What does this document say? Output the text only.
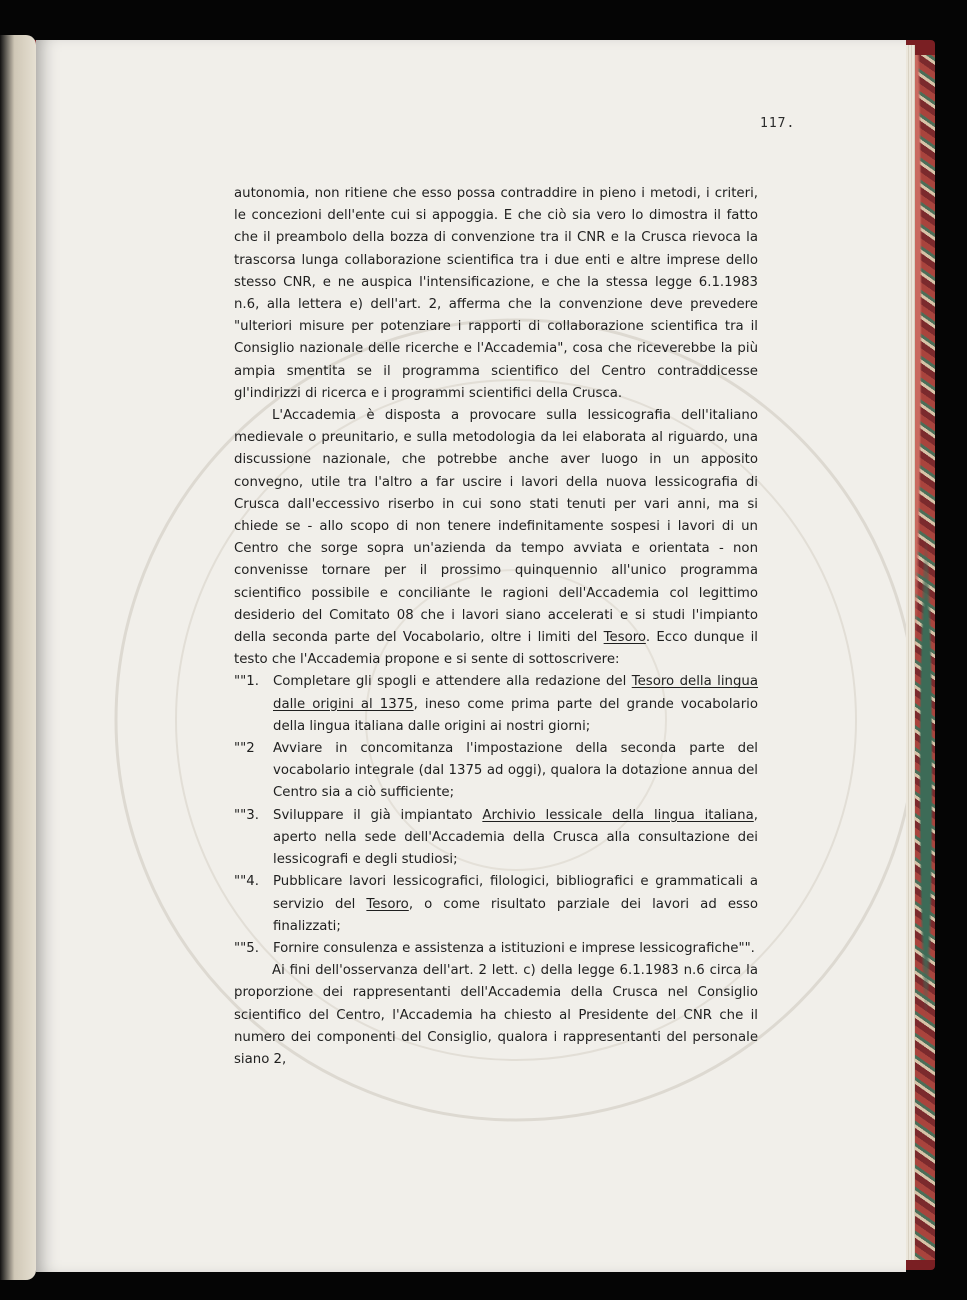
117.

autonomia, non ritiene che esso possa contraddire in pieno i metodi, i criteri, le concezioni dell'ente cui si appoggia. E che ciò sia vero lo dimostra il fatto che il preambolo della bozza di convenzione tra il CNR e la Crusca rievoca la trascorsa lunga collaborazione scientifica tra i due enti e altre imprese dello stesso CNR, e ne auspica l'intensificazione, e che la stessa legge 6.1.1983 n.6, alla lettera e) dell'art. 2, afferma che la convenzione deve prevedere "ulteriori misure per potenziare i rapporti di collaborazione scientifica tra il Consiglio nazionale delle ricerche e l'Accademia", cosa che riceverebbe la più ampia smentita se il programma scientifico del Centro contraddicesse gl'indirizzi di ricerca e i programmi scientifici della Crusca.

L'Accademia è disposta a provocare sulla lessicografia dell'italiano medievale o preunitario, e sulla metodologia da lei elaborata al riguardo, una discussione nazionale, che potrebbe anche aver luogo in un apposito convegno, utile tra l'altro a far uscire i lavori della nuova lessicografia di Crusca dall'eccessivo riserbo in cui sono stati tenuti per vari anni, ma si chiede se - allo scopo di non tenere indefinitamente sospesi i lavori di un Centro che sorge sopra un'azienda da tempo avviata e orientata - non convenisse tornare per il prossimo quinquennio all'unico programma scientifico possibile e conciliante le ragioni dell'Accademia col legittimo desiderio del Comitato 08 che i lavori siano accelerati e si studi l'impianto della seconda parte del Vocabolario, oltre i limiti del Tesoro. Ecco dunque il testo che l'Accademia propone e si sente di sottoscrivere:

""1. Completare gli spogli e attendere alla redazione del Tesoro della lingua dalle origini al 1375, ineso come prima parte del grande vocabolario della lingua italiana dalle origini ai nostri giorni;
""2 Avviare in concomitanza l'impostazione della seconda parte del vocabolario integrale (dal 1375 ad oggi), qualora la dotazione annua del Centro sia a ciò sufficiente;
""3. Sviluppare il già impiantato Archivio lessicale della lingua italiana, aperto nella sede dell'Accademia della Crusca alla consultazione dei lessicografi e degli studiosi;
""4. Pubblicare lavori lessicografici, filologici, bibliografici e grammaticali a servizio del Tesoro, o come risultato parziale dei lavori ad esso finalizzati;
""5. Fornire consulenza e assistenza a istituzioni e imprese lessicografiche"".

Ai fini dell'osservanza dell'art. 2 lett. c) della legge 6.1.1983 n.6 circa la proporzione dei rappresentanti dell'Accademia della Crusca nel Consiglio scientifico del Centro, l'Accademia ha chiesto al Presidente del CNR che il numero dei componenti del Consiglio, qualora i rappresentanti del personale siano 2,
